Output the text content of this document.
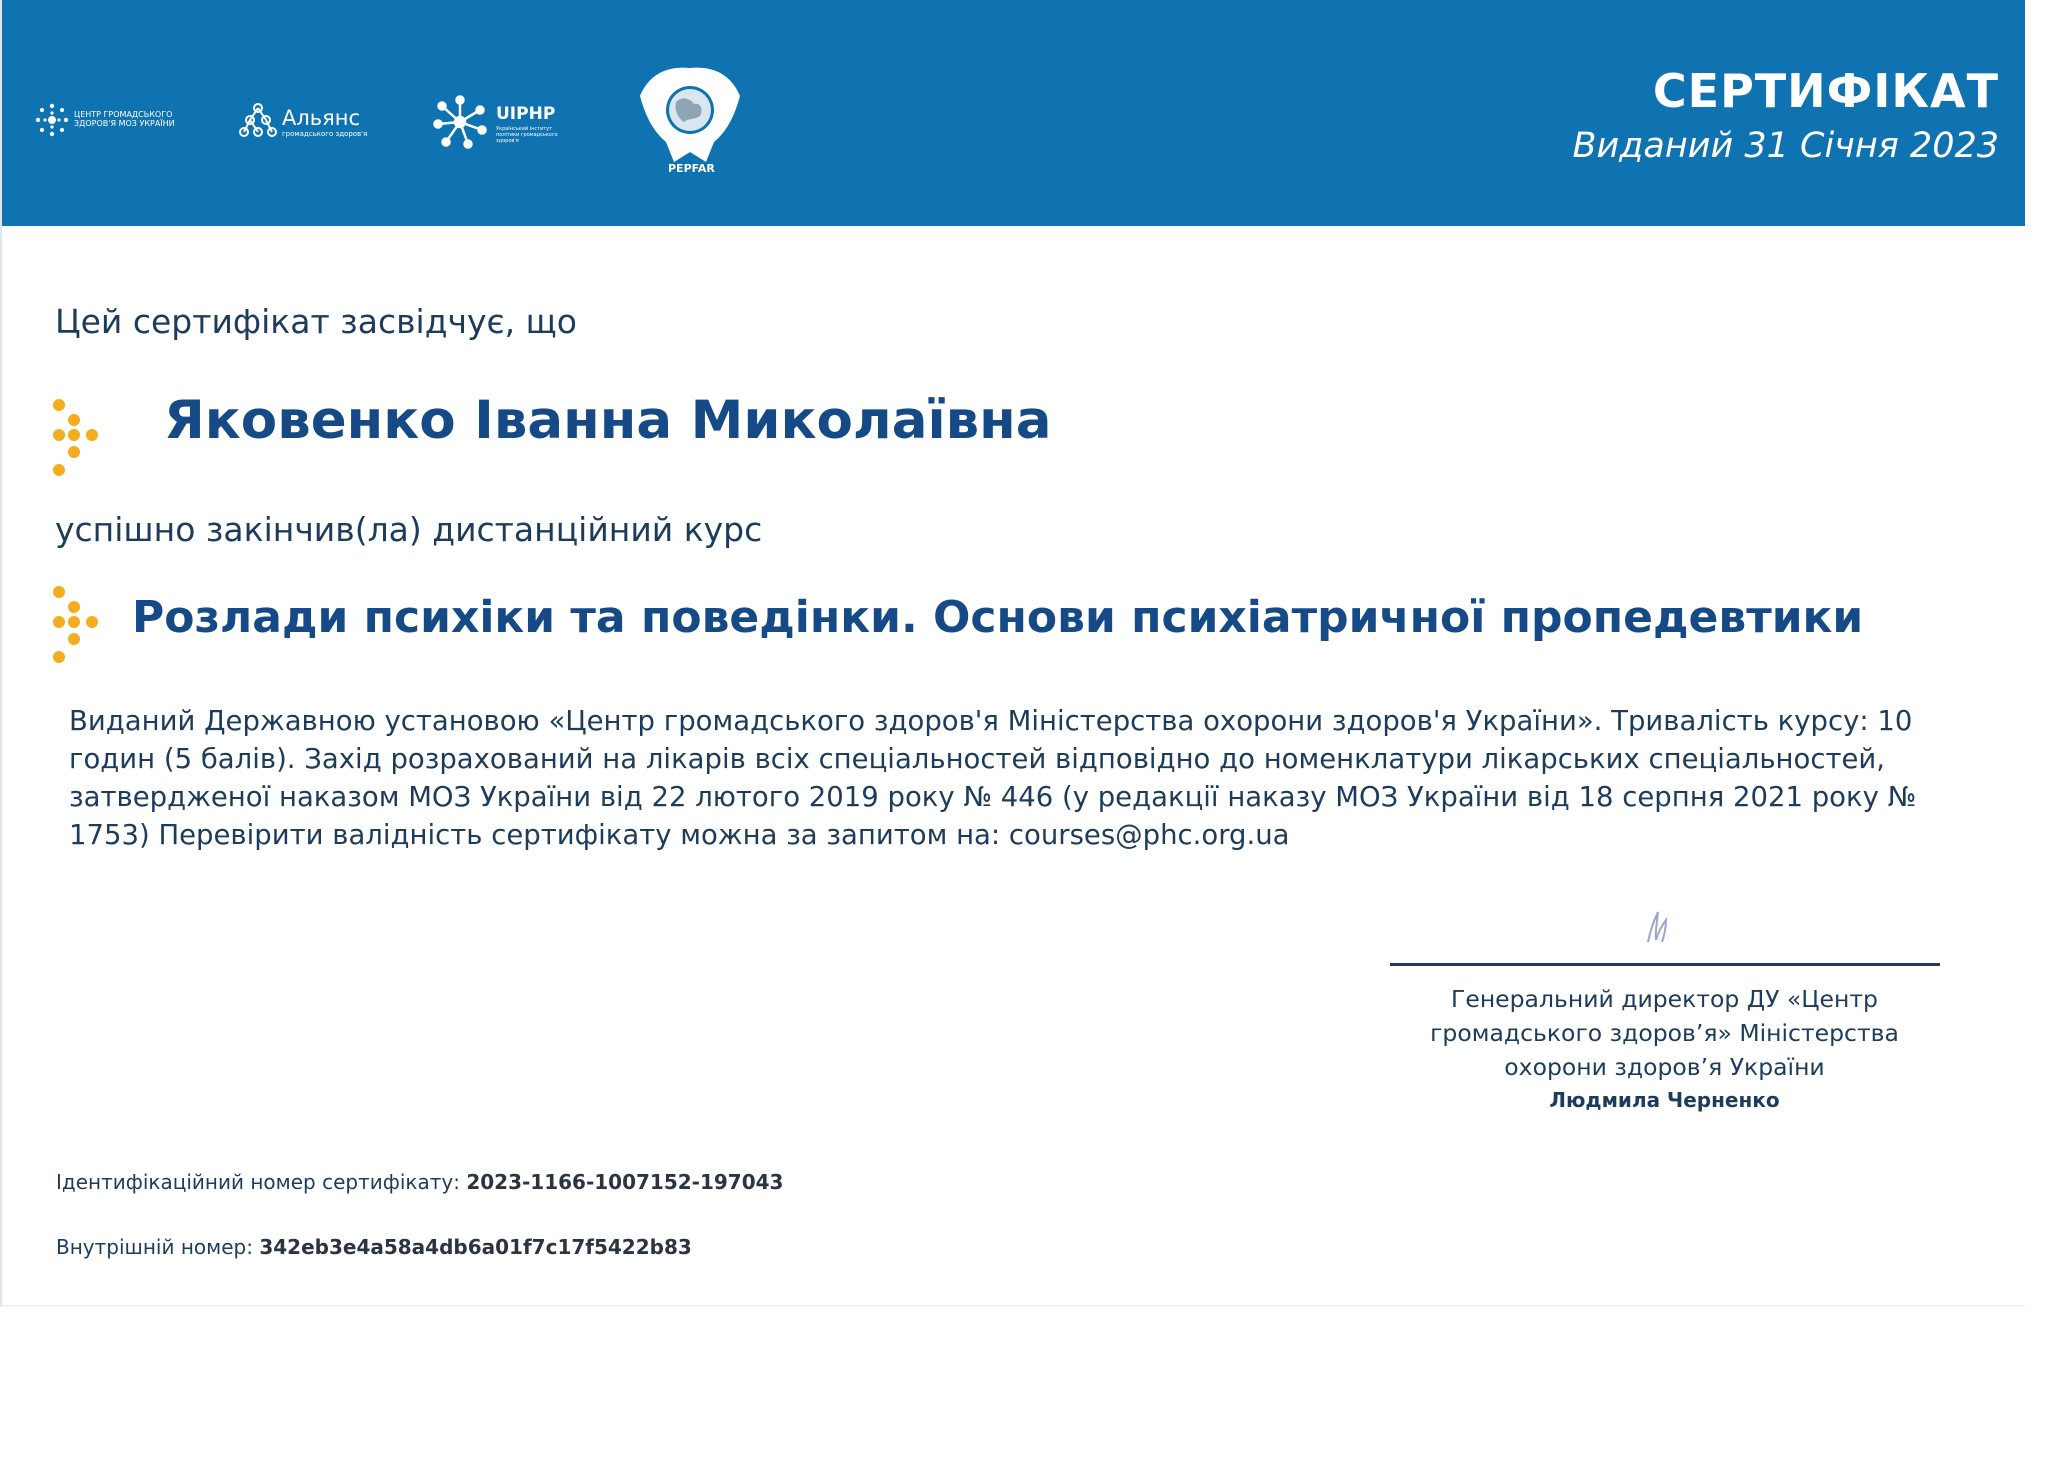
ЦЕНТР ГРОМАДСЬКОГО ЗДОРОВ'Я МОЗ УКРАЇНИ	Альянс
громадського здоров'я
UIPHP
Український інститут політики громадського здоров'я
PEPFAR
СЕРТИФІКАТ
Виданий 31 Січня 2023
Цей сертифікат засвідчує, що
Яковенко Іванна Миколаївна
успішно закінчив(ла) дистанційний курс
Розлади психіки та поведінки. Основи психіатричної пропедевтики
Виданий Державною установою «Центр громадського здоров'я Міністерства охорони здоров'я України». Тривалість курсу: 10 годин (5 балів). Захід розрахований на лікарів всіх спеціальностей відповідно до номенклатури лікарських спеціальностей, затвердженої наказом МОЗ України від 22 лютого 2019 року № 446 (у редакції наказу МОЗ України від 18 серпня 2021 року № 1753) Перевірити валідність сертифікату можна за запитом на: courses@phc.org.ua
Генеральний директор ДУ «Центр громадського здоров’я» Міністерства охорони здоров’я України
Людмила Черненко
Ідентифікаційний номер сертифікату: 2023-1166-1007152-197043
Внутрішній номер: 342eb3e4a58a4db6a01f7c17f5422b83
